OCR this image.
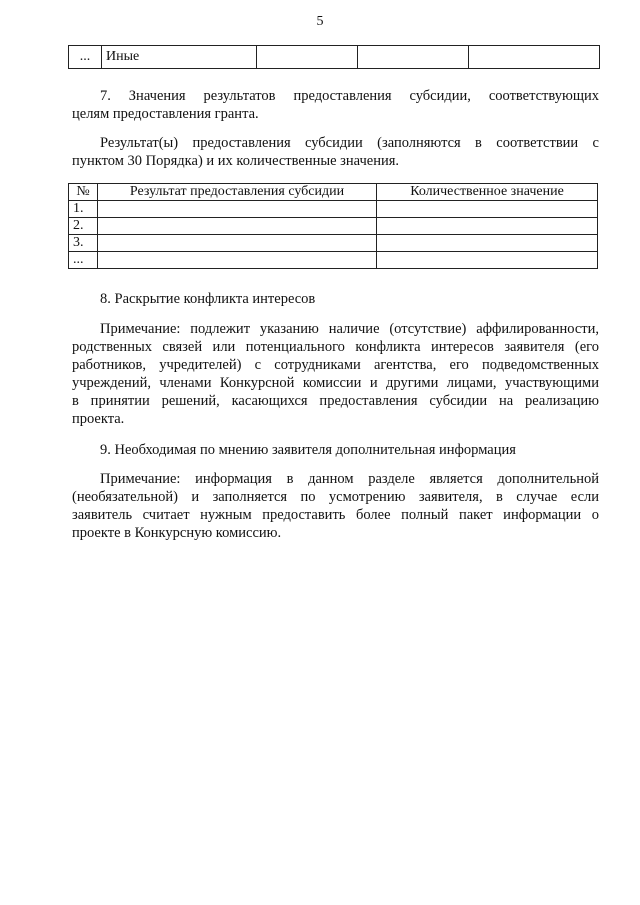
5
...	Иные			
7. Значения результатов предоставления субсидии, соответствующих
целям предоставления гранта.
Результат(ы) предоставления субсидии (заполняются в соответствии с
пунктом 30 Порядка) и их количественные значения.
№	Результат предоставления субсидии	Количественное значение
1.		
2.		
3.		
...		
8. Раскрытие конфликта интересов
Примечание: подлежит указанию наличие (отсутствие) аффилированности,
родственных связей или потенциального конфликта интересов заявителя (его
работников, учредителей) с сотрудниками агентства, его подведомственных
учреждений, членами Конкурсной комиссии и другими лицами, участвующими
в принятии решений, касающихся предоставления субсидии на реализацию
проекта.
9. Необходимая по мнению заявителя дополнительная информация
Примечание: информация в данном разделе является дополнительной
(необязательной) и заполняется по усмотрению заявителя, в случае если
заявитель считает нужным предоставить более полный пакет информации о
проекте в Конкурсную комиссию.
